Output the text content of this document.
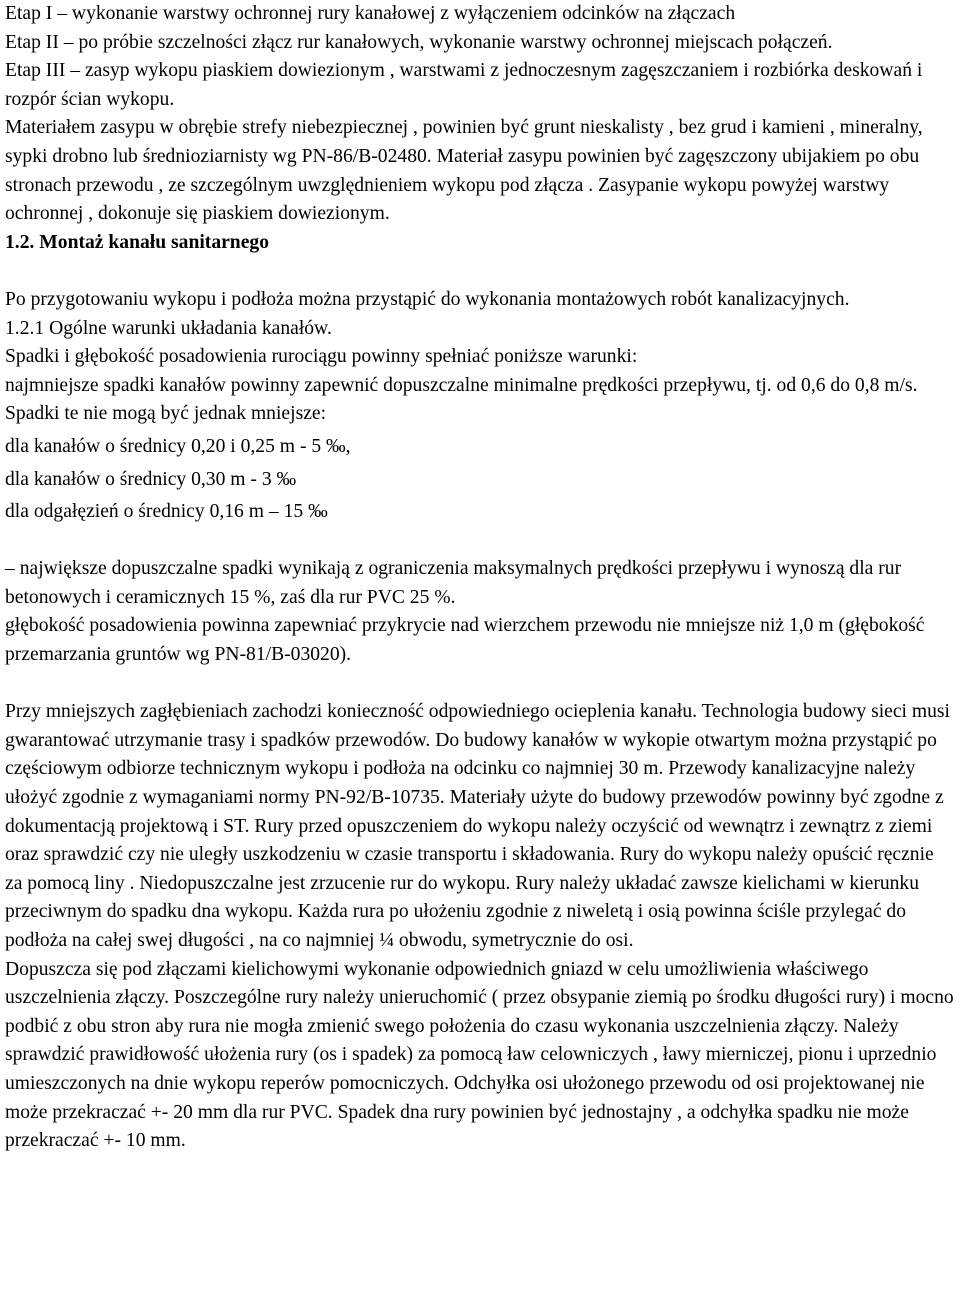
Etap I – wykonanie warstwy ochronnej rury kanałowej z wyłączeniem odcinków na złączach

Etap II – po próbie szczelności złącz rur kanałowych, wykonanie warstwy ochronnej miejscach połączeń.

Etap III – zasyp wykopu piaskiem dowiezionym , warstwami z jednoczesnym zagęszczaniem i rozbiórka deskowań i rozpór ścian wykopu.

Materiałem zasypu w obrębie strefy niebezpiecznej , powinien być grunt nieskalisty , bez grud i kamieni , mineralny, sypki drobno lub średnioziarnisty wg PN-86/B-02480. Materiał zasypu powinien być zagęszczony ubijakiem po obu stronach przewodu , ze szczególnym uwzględnieniem wykopu pod złącza . Zasypanie wykopu powyżej warstwy ochronnej , dokonuje się piaskiem dowiezionym.

1.2. Montaż kanału sanitarnego

Po przygotowaniu wykopu i podłoża można przystąpić do wykonania montażowych robót kanalizacyjnych.

1.2.1 Ogólne warunki układania kanałów.

Spadki i głębokość posadowienia rurociągu powinny spełniać poniższe warunki:

najmniejsze spadki kanałów powinny zapewnić dopuszczalne minimalne prędkości przepływu, tj. od 0,6 do 0,8 m/s. Spadki te nie mogą być jednak mniejsze:

dla kanałów o średnicy 0,20 i 0,25 m - 5 ‰,

dla kanałów o średnicy 0,30 m - 3 ‰

dla odgałęzień o średnicy 0,16 m – 15 ‰

– największe dopuszczalne spadki wynikają z ograniczenia maksymalnych prędkości przepływu i wynoszą dla rur betonowych i ceramicznych 15 %, zaś dla rur PVC 25 %.

głębokość posadowienia powinna zapewniać przykrycie nad wierzchem przewodu nie mniejsze niż 1,0 m (głębokość przemarzania gruntów wg PN-81/B-03020).

Przy mniejszych zagłębieniach zachodzi konieczność odpowiedniego ocieplenia kanału. Technologia budowy sieci musi gwarantować utrzymanie trasy i spadków przewodów. Do budowy kanałów w wykopie otwartym można przystąpić po częściowym odbiorze technicznym wykopu i podłoża na odcinku co najmniej 30 m. Przewody kanalizacyjne należy ułożyć zgodnie z wymaganiami normy PN-92/B-10735. Materiały użyte do budowy przewodów powinny być zgodne z dokumentacją projektową i ST. Rury przed opuszczeniem do wykopu należy oczyścić od wewnątrz i zewnątrz z ziemi oraz sprawdzić czy nie uległy uszkodzeniu w czasie transportu i składowania. Rury do wykopu należy opuścić ręcznie za pomocą liny . Niedopuszczalne jest zrzucenie rur do wykopu. Rury należy układać zawsze kielichami w kierunku przeciwnym do spadku dna wykopu. Każda rura po ułożeniu zgodnie z niweletą i osią powinna ściśle przylegać do podłoża na całej swej długości , na co najmniej ¼ obwodu, symetrycznie do osi.

Dopuszcza się pod złączami kielichowymi wykonanie odpowiednich gniazd w celu umożliwienia właściwego uszczelnienia złączy. Poszczególne rury należy unieruchomić ( przez obsypanie ziemią po środku długości rury) i mocno podbić z obu stron aby rura nie mogła zmienić swego położenia do czasu wykonania uszczelnienia złączy. Należy sprawdzić prawidłowość ułożenia rury (os i spadek) za pomocą ław celowniczych , ławy mierniczej, pionu i uprzednio umieszczonych na dnie wykopu reperów pomocniczych. Odchyłka osi ułożonego przewodu od osi projektowanej nie może przekraczać +- 20 mm dla rur PVC. Spadek dna rury powinien być jednostajny , a odchyłka spadku nie może przekraczać +- 10 mm.
